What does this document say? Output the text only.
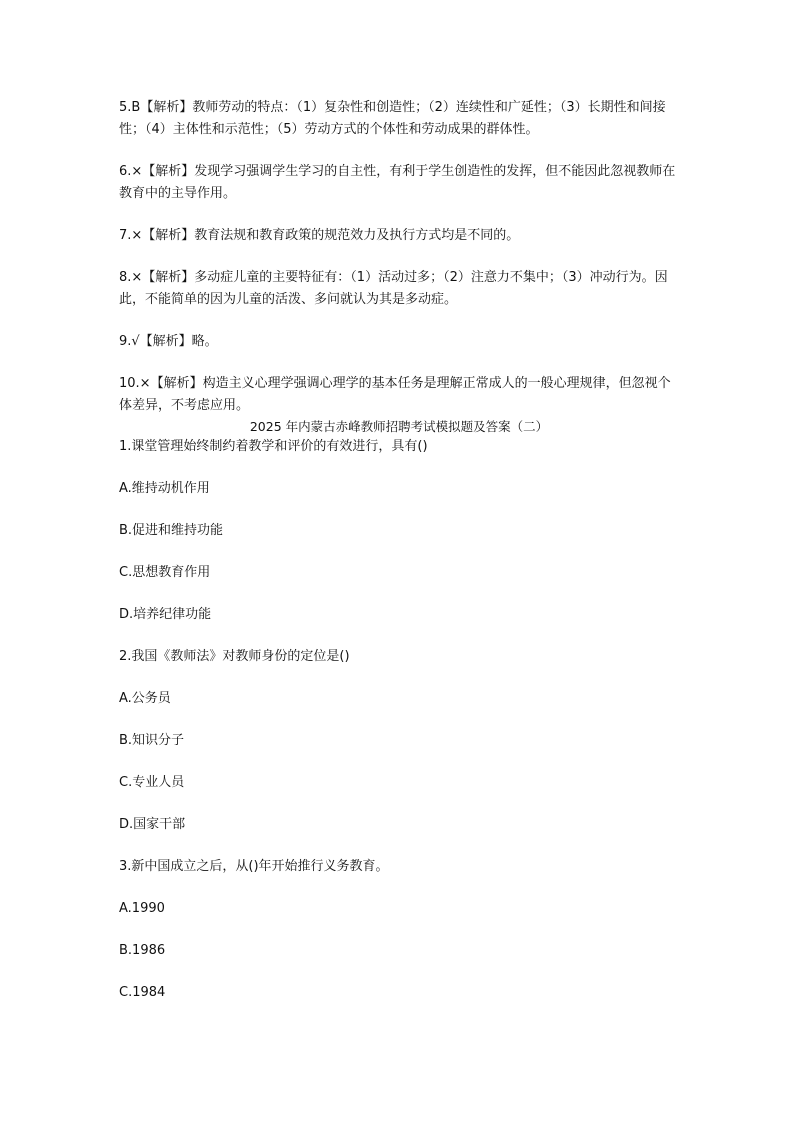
5.B【解析】教师劳动的特点：（1）复杂性和创造性；（2）连续性和广延性；（3）长期性和间接性；（4）主体性和示范性；（5）劳动方式的个体性和劳动成果的群体性。

6.×【解析】发现学习强调学生学习的自主性，有利于学生创造性的发挥，但不能因此忽视教师在教育中的主导作用。

7.×【解析】教育法规和教育政策的规范效力及执行方式均是不同的。

8.×【解析】多动症儿童的主要特征有：（1）活动过多；（2）注意力不集中；（3）冲动行为。因此，不能简单的因为儿童的活泼、多问就认为其是多动症。

9.√【解析】略。

10.×【解析】构造主义心理学强调心理学的基本任务是理解正常成人的一般心理规律，但忽视个体差异，不考虑应用。

2025 年内蒙古赤峰教师招聘考试模拟题及答案（二）

1.课堂管理始终制约着教学和评价的有效进行，具有()

A.维持动机作用

B.促进和维持功能

C.思想教育作用

D.培养纪律功能

2.我国《教师法》对教师身份的定位是()

A.公务员

B.知识分子

C.专业人员

D.国家干部

3.新中国成立之后，从()年开始推行义务教育。

A.1990

B.1986

C.1984
